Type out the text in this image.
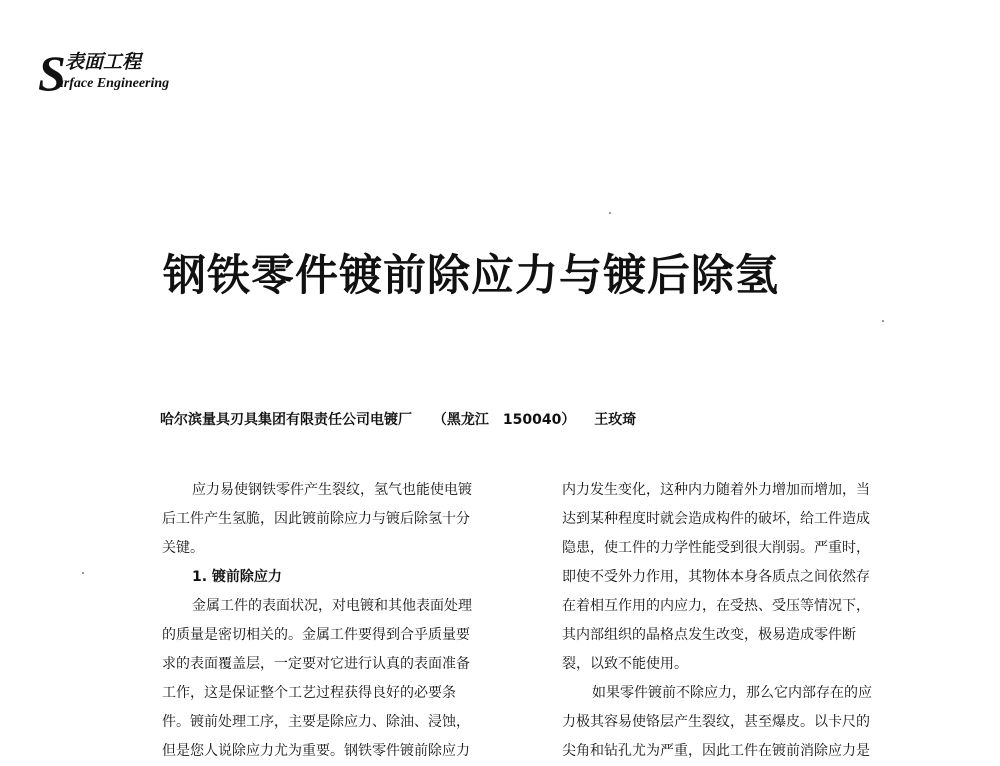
S 表面工程
urface Engineering
钢铁零件镀前除应力与镀后除氢
哈尔滨量具刃具集团有限责任公司电镀厂 （黑龙江　150040） 王玫琦
应力易使钢铁零件产生裂纹，氢气也能使电镀
后工件产生氢脆，因此镀前除应力与镀后除氢十分
关键。
1. 镀前除应力
金属工件的表面状况，对电镀和其他表面处理
的质量是密切相关的。金属工件要得到合乎质量要
求的表面覆盖层，一定要对它进行认真的表面准备
工作，这是保证整个工艺过程获得良好的必要条
件。镀前处理工序，主要是除应力、除油、浸蚀，
但是您人说除应力尤为重要。钢铁零件镀前除应力
内力发生变化，这种内力随着外力增加而增加，当
达到某种程度时就会造成构件的破坏，给工件造成
隐患，使工件的力学性能受到很大削弱。严重时，
即使不受外力作用，其物体本身各质点之间依然存
在着相互作用的内应力，在受热、受压等情况下，
其内部组织的晶格点发生改变，极易造成零件断
裂，以致不能使用。
如果零件镀前不除应力，那么它内部存在的应
力极其容易使铬层产生裂纹，甚至爆皮。以卡尺的
尖角和钻孔尤为严重，因此工件在镀前消除应力是
